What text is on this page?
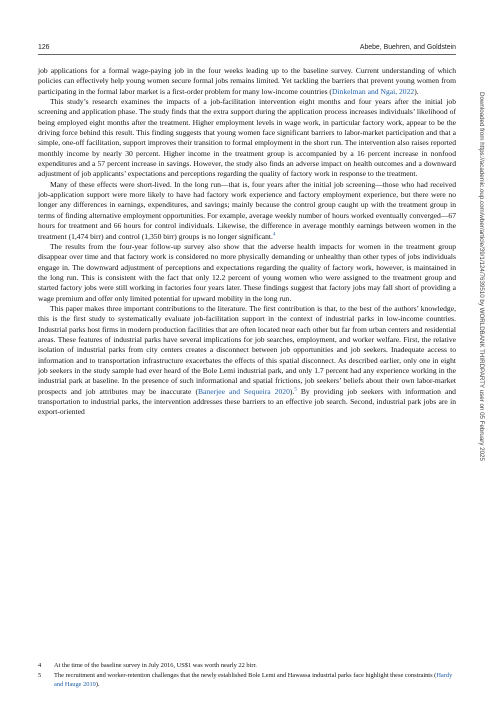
126	Abebe, Buehren, and Goldstein

job applications for a formal wage-paying job in the four weeks leading up to the baseline survey. Current understanding of which policies can effectively help young women secure formal jobs remains limited. Yet tackling the barriers that prevent young women from participating in the formal labor market is a first-order problem for many low-income countries (Dinkelman and Ngai, 2022).

This study’s research examines the impacts of a job-facilitation intervention eight months and four years after the initial job screening and application phase. The study finds that the extra support during the application process increases individuals’ likelihood of being employed eight months after the treatment. Higher employment levels in wage work, in particular factory work, appear to be the driving force behind this result. This finding suggests that young women face significant barriers to labor-market participation and that a simple, one-off facilitation, support improves their transition to formal employment in the short run. The intervention also raises reported monthly income by nearly 30 percent. Higher income in the treatment group is accompanied by a 16 percent increase in nonfood expenditures and a 57 percent increase in savings. However, the study also finds an adverse impact on health outcomes and a downward adjustment of job applicants’ expectations and perceptions regarding the quality of factory work in response to the treatment.

Many of these effects were short-lived. In the long run—that is, four years after the initial job screening—those who had received job-application support were more likely to have had factory work experience and factory employment experience, but there were no longer any differences in earnings, expenditures, and savings; mainly because the control group caught up with the treatment group in terms of finding alternative employment opportunities. For example, average weekly number of hours worked eventually converged—67 hours for treatment and 66 hours for control individuals. Likewise, the difference in average monthly earnings between women in the treatment (1,474 birr) and control (1,350 birr) groups is no longer significant.$^4$

The results from the four-year follow-up survey also show that the adverse health impacts for women in the treatment group disappear over time and that factory work is considered no more physically demanding or unhealthy than other types of jobs individuals engage in. The downward adjustment of perceptions and expectations regarding the quality of factory work, however, is maintained in the long run. This is consistent with the fact that only 12.2 percent of young women who were assigned to the treatment group and started factory jobs were still working in factories four years later. These findings suggest that factory jobs may fall short of providing a wage premium and offer only limited potential for upward mobility in the long run.

This paper makes three important contributions to the literature. The first contribution is that, to the best of the authors’ knowledge, this is the first study to systematically evaluate job-facilitation support in the context of industrial parks in low-income countries. Industrial parks host firms in modern production facilities that are often located near each other but far from urban centers and residential areas. These features of industrial parks have several implications for job searches, employment, and worker welfare. First, the relative isolation of industrial parks from city centers creates a disconnect between job opportunities and job seekers. Inadequate access to information and to transportation infrastructure exacerbates the effects of this spatial disconnect. As described earlier, only one in eight job seekers in the study sample had ever heard of the Bole Lemi industrial park, and only 1.7 percent had any experience working in the industrial park at baseline. In the presence of such informational and spatial frictions, job seekers’ beliefs about their own labor-market prospects and job attributes may be inaccurate (Banerjee and Sequeira 2020).$^5$ By providing job seekers with information and transportation to industrial parks, the intervention addresses these barriers to an effective job search. Second, industrial park jobs are in export-oriented

4	At the time of the baseline survey in July 2016, US$1 was worth nearly 22 birr.
5	The recruitment and worker-retention challenges that the newly established Bole Lemi and Hawassa industrial parks face highlight these constraints (Hardy and Hauge 2019).
Downloaded from https://academic.oup.com/wber/article/39/1/124/7639510 by WORLDBANK THIRDPARTY user on 05 February 2025
